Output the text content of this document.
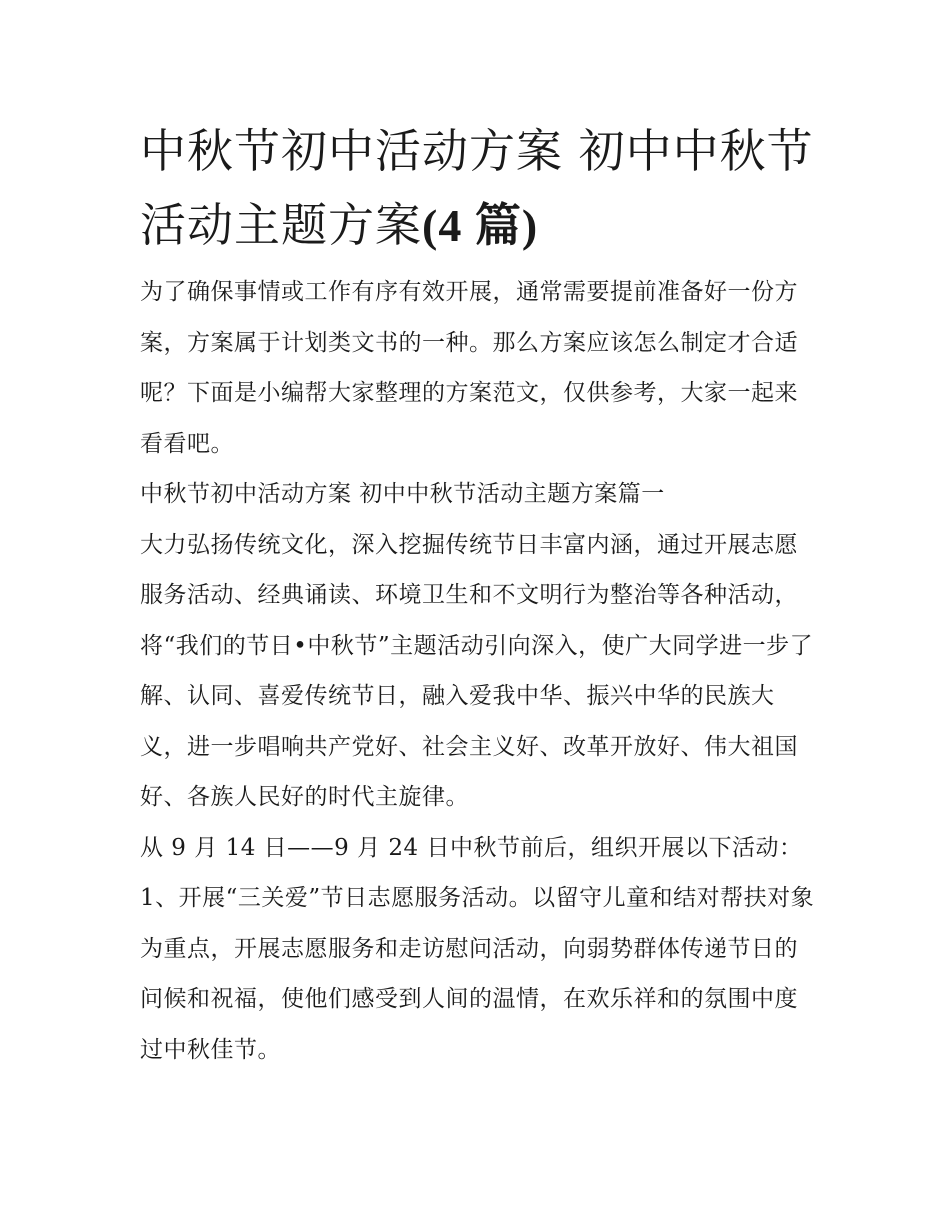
中秋节初中活动方案 初中中秋节活动主题方案(4 篇)

为了确保事情或工作有序有效开展，通常需要提前准备好一份方案，方案属于计划类文书的一种。那么方案应该怎么制定才合适呢？下面是小编帮大家整理的方案范文，仅供参考，大家一起来看看吧。

中秋节初中活动方案 初中中秋节活动主题方案篇一

大力弘扬传统文化，深入挖掘传统节日丰富内涵，通过开展志愿服务活动、经典诵读、环境卫生和不文明行为整治等各种活动，将“我们的节日•中秋节”主题活动引向深入，使广大同学进一步了解、认同、喜爱传统节日，融入爱我中华、振兴中华的民族大义，进一步唱响共产党好、社会主义好、改革开放好、伟大祖国好、各族人民好的时代主旋律。

从 9 月 14 日——9 月 24 日中秋节前后，组织开展以下活动：

1、开展“三关爱”节日志愿服务活动。以留守儿童和结对帮扶对象为重点，开展志愿服务和走访慰问活动，向弱势群体传递节日的问候和祝福，使他们感受到人间的温情，在欢乐祥和的氛围中度过中秋佳节。
